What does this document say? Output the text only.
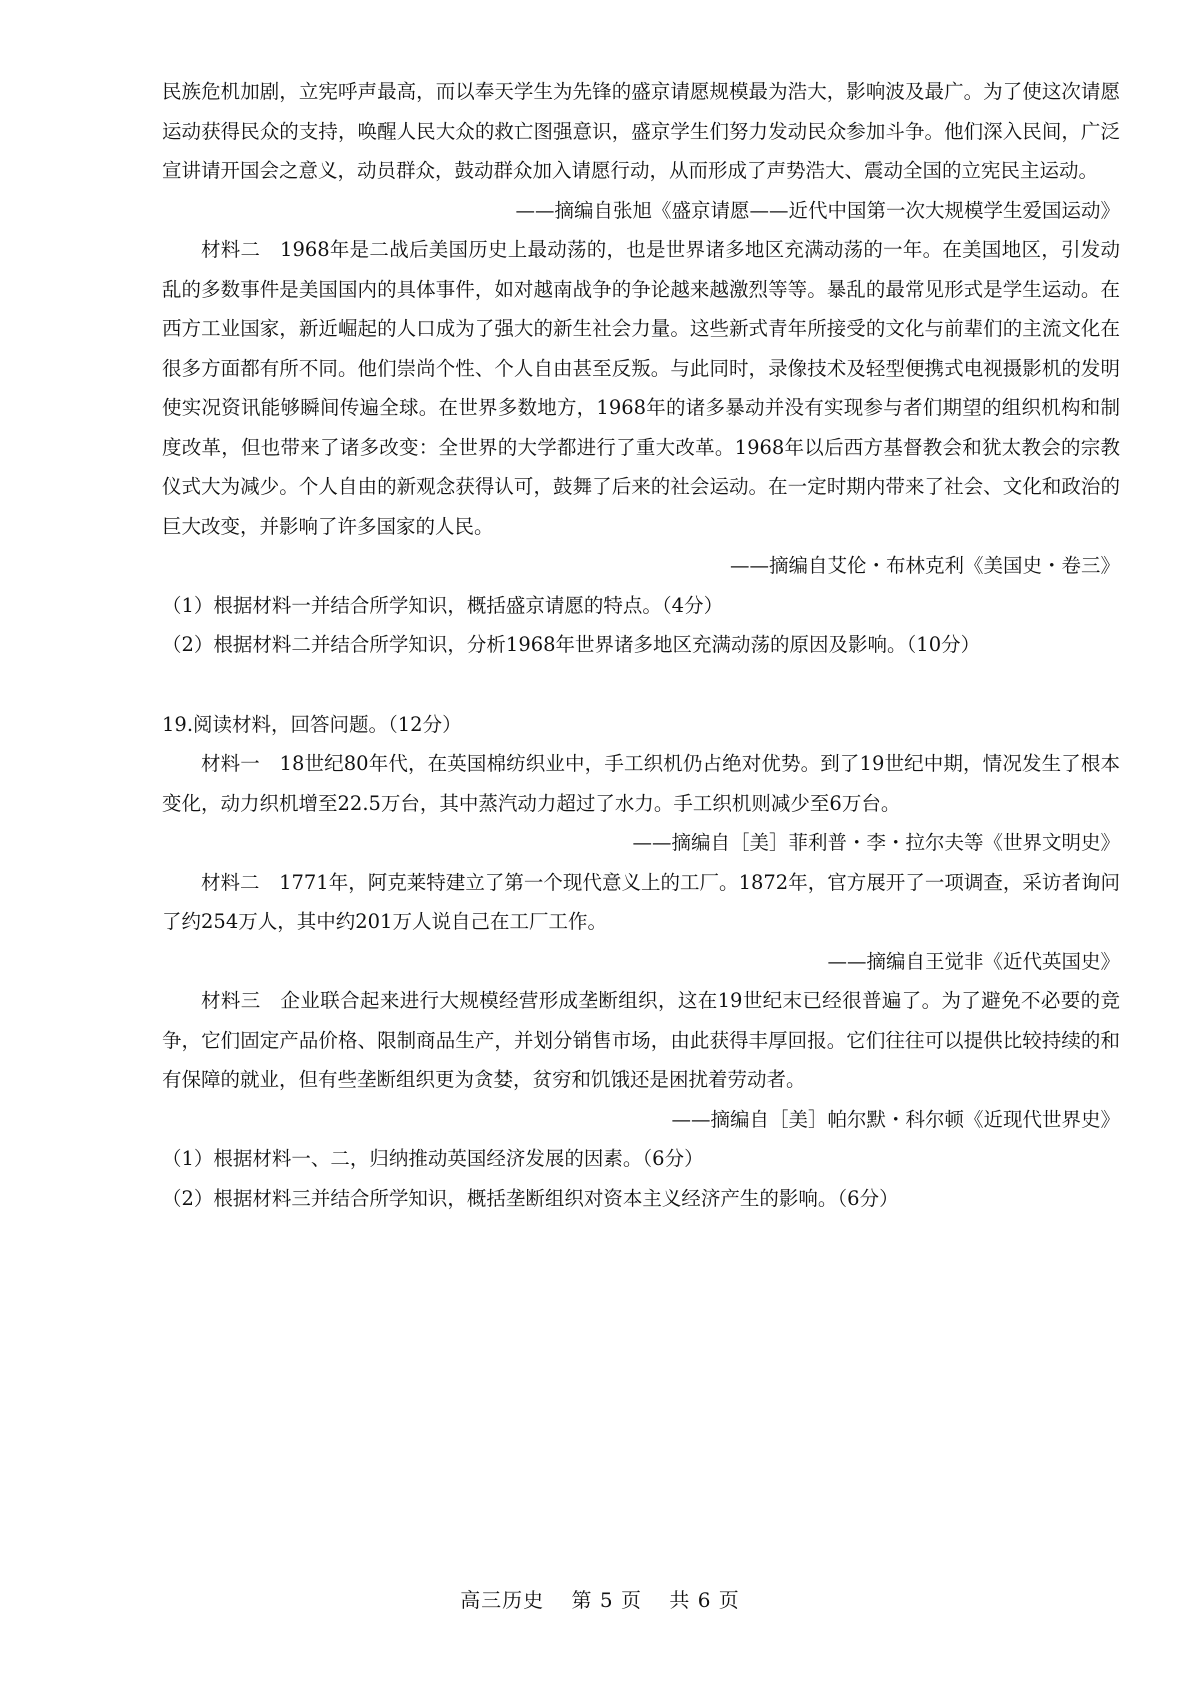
民族危机加剧，立宪呼声最高，而以奉天学生为先锋的盛京请愿规模最为浩大，影响波及最广。为了使这次请愿运动获得民众的支持，唤醒人民大众的救亡图强意识，盛京学生们努力发动民众参加斗争。他们深入民间，广泛宣讲请开国会之意义，动员群众，鼓动群众加入请愿行动，从而形成了声势浩大、震动全国的立宪民主运动。

——摘编自张旭《盛京请愿——近代中国第一次大规模学生爱国运动》

材料二　1968年是二战后美国历史上最动荡的，也是世界诸多地区充满动荡的一年。在美国地区，引发动乱的多数事件是美国国内的具体事件，如对越南战争的争论越来越激烈等等。暴乱的最常见形式是学生运动。在西方工业国家，新近崛起的人口成为了强大的新生社会力量。这些新式青年所接受的文化与前辈们的主流文化在很多方面都有所不同。他们崇尚个性、个人自由甚至反叛。与此同时，录像技术及轻型便携式电视摄影机的发明使实况资讯能够瞬间传遍全球。在世界多数地方，1968年的诸多暴动并没有实现参与者们期望的组织机构和制度改革，但也带来了诸多改变：全世界的大学都进行了重大改革。1968年以后西方基督教会和犹太教会的宗教仪式大为减少。个人自由的新观念获得认可，鼓舞了后来的社会运动。在一定时期内带来了社会、文化和政治的巨大改变，并影响了许多国家的人民。

——摘编自艾伦・布林克利《美国史・卷三》

（1）根据材料一并结合所学知识，概括盛京请愿的特点。（4分）

（2）根据材料二并结合所学知识，分析1968年世界诸多地区充满动荡的原因及影响。（10分）

19.阅读材料，回答问题。（12分）

材料一　18世纪80年代，在英国棉纺织业中，手工织机仍占绝对优势。到了19世纪中期，情况发生了根本变化，动力织机增至22.5万台，其中蒸汽动力超过了水力。手工织机则减少至6万台。

——摘编自［美］菲利普・李・拉尔夫等《世界文明史》

材料二　1771年，阿克莱特建立了第一个现代意义上的工厂。1872年，官方展开了一项调查，采访者询问了约254万人，其中约201万人说自己在工厂工作。

——摘编自王觉非《近代英国史》

材料三　企业联合起来进行大规模经营形成垄断组织，这在19世纪末已经很普遍了。为了避免不必要的竞争，它们固定产品价格、限制商品生产，并划分销售市场，由此获得丰厚回报。它们往往可以提供比较持续的和有保障的就业，但有些垄断组织更为贪婪，贫穷和饥饿还是困扰着劳动者。

——摘编自［美］帕尔默・科尔顿《近现代世界史》

（1）根据材料一、二，归纳推动英国经济发展的因素。（6分）

（2）根据材料三并结合所学知识，概括垄断组织对资本主义经济产生的影响。（6分）

高三历史 第 5 页 共 6 页
